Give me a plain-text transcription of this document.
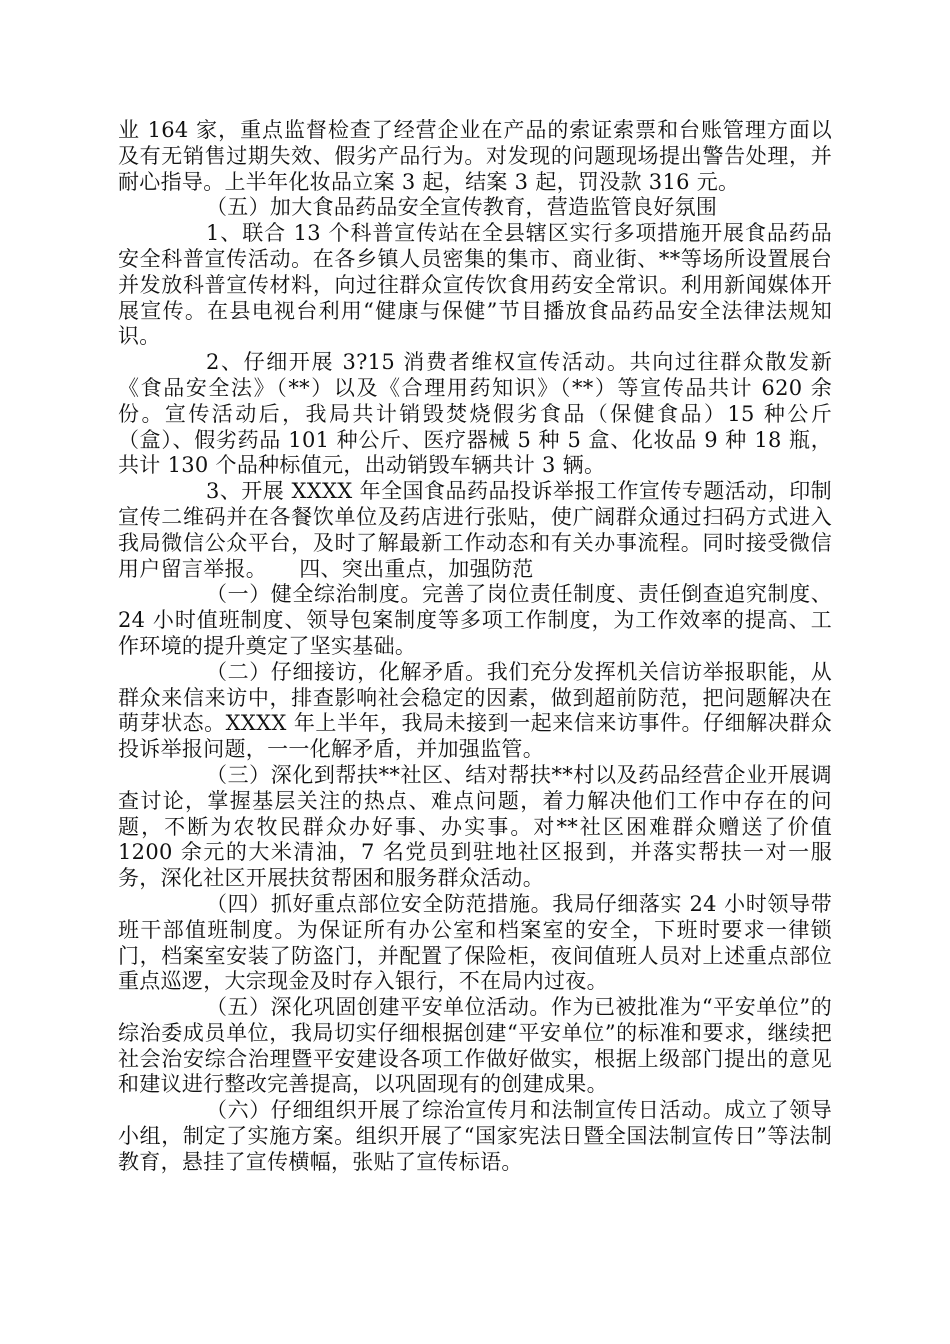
业 164 家，重点监督检查了经营企业在产品的索证索票和台账管理方面以及有无销售过期失效、假劣产品行为。对发现的问题现场提出警告处理，并耐心指导。上半年化妆品立案 3 起，结案 3 起，罚没款 316 元。

（五）加大食品药品安全宣传教育，营造监管良好氛围

1、联合 13 个科普宣传站在全县辖区实行多项措施开展食品药品安全科普宣传活动。在各乡镇人员密集的集市、商业街、**等场所设置展台并发放科普宣传材料，向过往群众宣传饮食用药安全常识。利用新闻媒体开展宣传。在县电视台利用“健康与保健”节目播放食品药品安全法律法规知识。

2、仔细开展 3?15 消费者维权宣传活动。共向过往群众散发新《食品安全法》（**）以及《合理用药知识》（**）等宣传品共计 620 余份。宣传活动后，我局共计销毁焚烧假劣食品（保健食品）15 种公斤（盒）、假劣药品 101 种公斤、医疗器械 5 种 5 盒、化妆品 9 种 18 瓶，共计 130 个品种标值元，出动销毁车辆共计 3 辆。

3、开展 XXXX 年全国食品药品投诉举报工作宣传专题活动，印制宣传二维码并在各餐饮单位及药店进行张贴，使广阔群众通过扫码方式进入我局微信公众平台，及时了解最新工作动态和有关办事流程。同时接受微信用户留言举报。　　四、突出重点，加强防范

（一）健全综治制度。完善了岗位责任制度、责任倒查追究制度、24 小时值班制度、领导包案制度等多项工作制度，为工作效率的提高、工作环境的提升奠定了坚实基础。

（二）仔细接访，化解矛盾。我们充分发挥机关信访举报职能，从群众来信来访中，排查影响社会稳定的因素，做到超前防范，把问题解决在萌芽状态。XXXX 年上半年，我局未接到一起来信来访事件。仔细解决群众投诉举报问题，一一化解矛盾，并加强监管。

（三）深化到帮扶**社区、结对帮扶**村以及药品经营企业开展调查讨论，掌握基层关注的热点、难点问题，着力解决他们工作中存在的问题，不断为农牧民群众办好事、办实事。对**社区困难群众赠送了价值 1200 余元的大米清油，7 名党员到驻地社区报到，并落实帮扶一对一服务，深化社区开展扶贫帮困和服务群众活动。

（四）抓好重点部位安全防范措施。我局仔细落实 24 小时领导带班干部值班制度。为保证所有办公室和档案室的安全，下班时要求一律锁门，档案室安装了防盗门，并配置了保险柜，夜间值班人员对上述重点部位重点巡逻，大宗现金及时存入银行，不在局内过夜。

（五）深化巩固创建平安单位活动。作为已被批准为“平安单位”的综治委成员单位，我局切实仔细根据创建“平安单位”的标准和要求，继续把社会治安综合治理暨平安建设各项工作做好做实，根据上级部门提出的意见和建议进行整改完善提高，以巩固现有的创建成果。

（六）仔细组织开展了综治宣传月和法制宣传日活动。成立了领导小组，制定了实施方案。组织开展了“国家宪法日暨全国法制宣传日”等法制教育，悬挂了宣传横幅，张贴了宣传标语。
